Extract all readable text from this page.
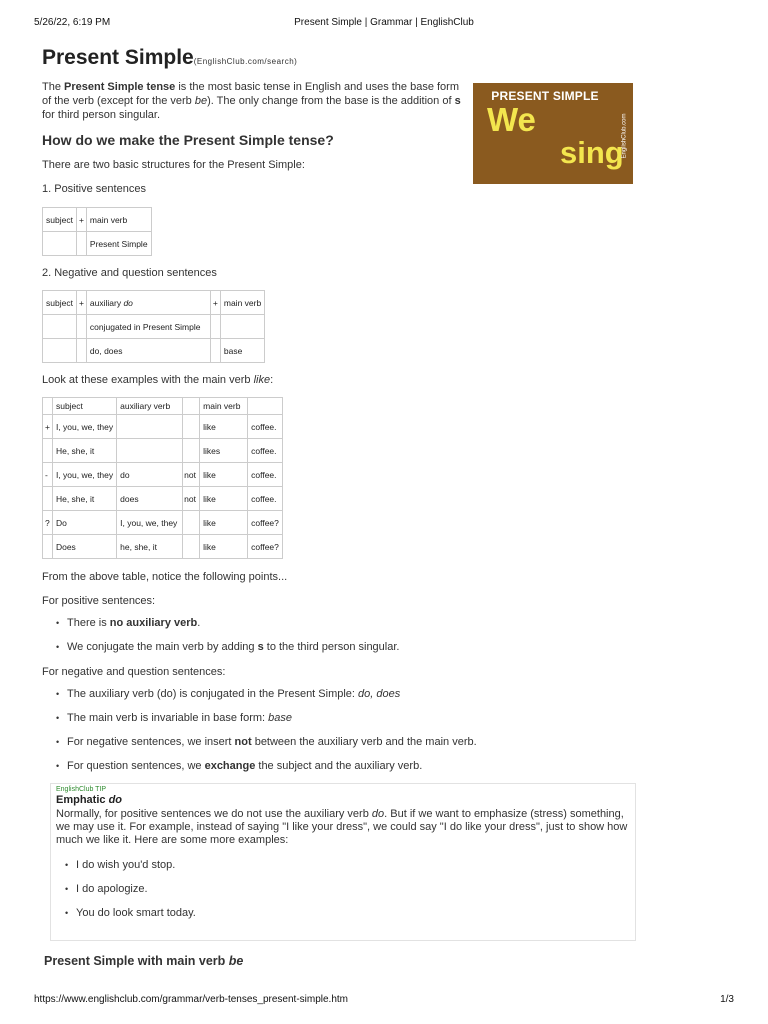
5/26/22, 6:19 PM	Present Simple | Grammar | EnglishClub
Present Simple(EnglishClub.com/search)

The Present Simple tense is the most basic tense in English and uses the base form of the verb (except for the verb be). The only change from the base is the addition of s for third person singular.

PRESENT SIMPLE
We
sing
EnglishClub.com
How do we make the Present Simple tense?

There are two basic structures for the Present Simple:

1. Positive sentences

subject	+	main verb
		Present Simple

2. Negative and question sentences

subject	+	auxiliary do	+	main verb
		conjugated in Present Simple		
		do, does		base

Look at these examples with the main verb like:

	subject	auxiliary verb		main verb	
+	I, you, we, they			like	coffee.
	He, she, it			likes	coffee.
-	I, you, we, they	do	not	like	coffee.
	He, she, it	does	not	like	coffee.
?	Do	I, you, we, they		like	coffee?
	Does	he, she, it		like	coffee?

From the above table, notice the following points...

For positive sentences:

• There is no auxiliary verb.
• We conjugate the main verb by adding s to the third person singular.

For negative and question sentences:

• The auxiliary verb (do) is conjugated in the Present Simple: do, does
• The main verb is invariable in base form: base
• For negative sentences, we insert not between the auxiliary verb and the main verb.
• For question sentences, we exchange the subject and the auxiliary verb.
EnglishClub TIP
Emphatic do
Normally, for positive sentences we do not use the auxiliary verb do. But if we want to emphasize (stress) something, we may use it. For example, instead of saying "I like your dress", we could say "I do like your dress", just to show how much we like it. Here are some more examples:
• I do wish you'd stop.
• I do apologize.
• You do look smart today.
Present Simple with main verb be
https://www.englishclub.com/grammar/verb-tenses_present-simple.htm	1/3
